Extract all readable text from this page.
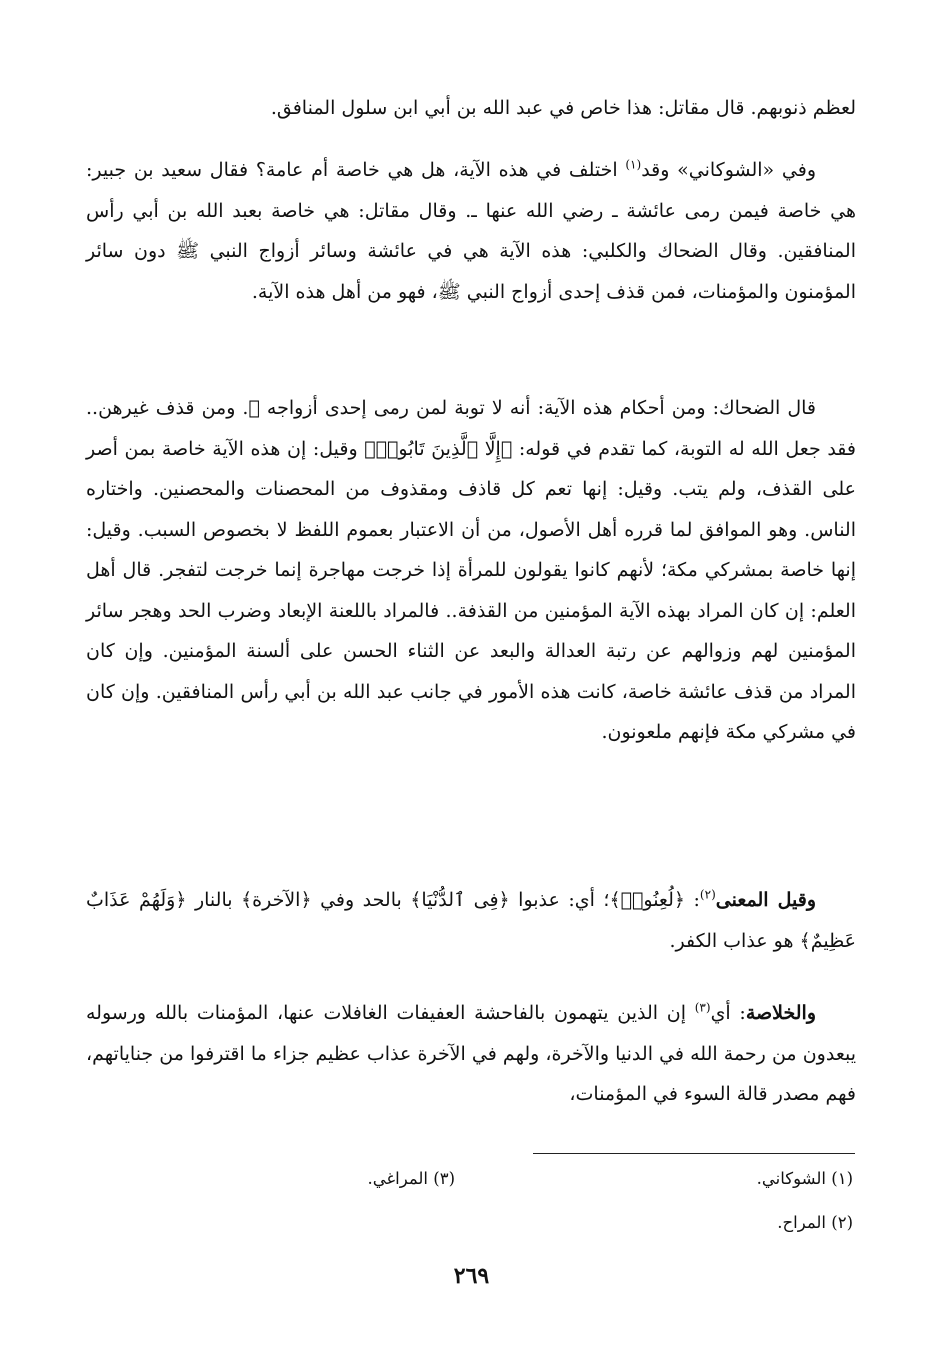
لعظم ذنوبهم. قال مقاتل: هذا خاص في عبد الله بن أبي ابن سلول المنافق.

وفي «الشوكاني» وقد$^{(١)}$ اختلف في هذه الآية، هل هي خاصة أم عامة؟ فقال سعيد بن جبير: هي خاصة فيمن رمى عائشة ـ رضي الله عنها ـ. وقال مقاتل: هي خاصة بعبد الله بن أبي رأس المنافقين. وقال الضحاك والكلبي: هذه الآية هي في عائشة وسائر أزواج النبي ﷺ دون سائر المؤمنون والمؤمنات، فمن قذف إحدى أزواج النبي ﷺ، فهو من أهل هذه الآية.

قال الضحاك: ومن أحكام هذه الآية: أنه لا توبة لمن رمى إحدى أزواجه ﷺ. ومن قذف غيرهن.. فقد جعل الله له التوبة، كما تقدم في قوله: ﴿إِلَّا ٱلَّذِينَ تَابُوا۟﴾ وقيل: إن هذه الآية خاصة بمن أصر على القذف، ولم يتب. وقيل: إنها تعم كل قاذف ومقذوف من المحصنات والمحصنين. واختاره الناس. وهو الموافق لما قرره أهل الأصول، من أن الاعتبار بعموم اللفظ لا بخصوص السبب. وقيل: إنها خاصة بمشركي مكة؛ لأنهم كانوا يقولون للمرأة إذا خرجت مهاجرة إنما خرجت لتفجر. قال أهل العلم: إن كان المراد بهذه الآية المؤمنين من القذفة.. فالمراد باللعنة الإبعاد وضرب الحد وهجر سائر المؤمنين لهم وزوالهم عن رتبة العدالة والبعد عن الثناء الحسن على ألسنة المؤمنين. وإن كان المراد من قذف عائشة خاصة، كانت هذه الأمور في جانب عبد الله بن أبي رأس المنافقين. وإن كان في مشركي مكة فإنهم ملعونون.

وقيل المعنى$^{(٢)}$: ﴿لُعِنُوا۟﴾؛ أي: عذبوا ﴿فِى ٱلدُّنْيَا﴾ بالحد وفي ﴿الآخرة﴾ بالنار ﴿وَلَهُمْ عَذَابٌ عَظِيمٌ﴾ هو عذاب الكفر.

والخلاصة: أي$^{(٣)}$ إن الذين يتهمون بالفاحشة العفيفات الغافلات عنها، المؤمنات بالله ورسوله يبعدون من رحمة الله في الدنيا والآخرة، ولهم في الآخرة عذاب عظيم جزاء ما اقترفوا من جناياتهم، فهم مصدر قالة السوء في المؤمنات،

(١) الشوكاني.
(٣) المراغي.
(٢) المراح.
٢٦٩
